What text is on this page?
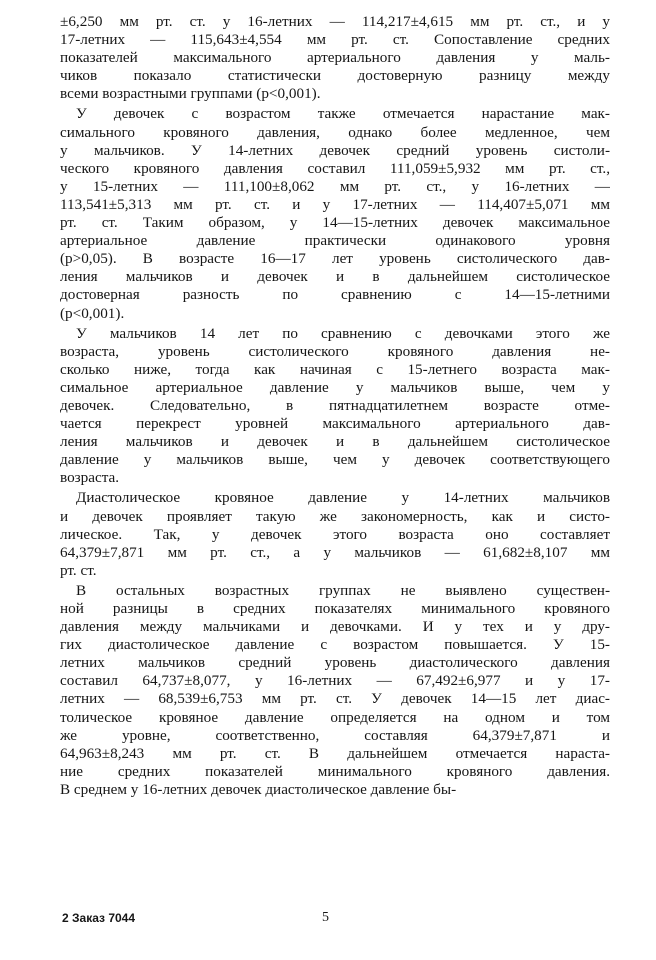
±6,250 мм рт. ст. у 16-летних — 114,217±4,615 мм рт. ст., и у
17-летних — 115,643±4,554 мм рт. ст. Сопоставление средних
показателей максимального артериального давления у маль-
чиков показало статистически достоверную разницу между
всеми возрастными группами (p<0,001).
У девочек с возрастом также отмечается нарастание мак-
симального кровяного давления, однако более медленное, чем
у мальчиков. У 14-летних девочек средний уровень систоли-
ческого кровяного давления составил 111,059±5,932 мм рт. ст.,
у 15-летних — 111,100±8,062 мм рт. ст., у 16-летних —
113,541±5,313 мм рт. ст. и у 17-летних — 114,407±5,071 мм
рт. ст. Таким образом, у 14—15-летних девочек максимальное
артериальное давление практически одинакового уровня
(p>0,05). В возрасте 16—17 лет уровень систолического дав-
ления мальчиков и девочек и в дальнейшем систолическое
достоверная разность по сравнению с 14—15-летними
(p<0,001).
У мальчиков 14 лет по сравнению с девочками этого же
возраста, уровень систолического кровяного давления не-
сколько ниже, тогда как начиная с 15-летнего возраста мак-
симальное артериальное давление у мальчиков выше, чем у
девочек. Следовательно, в пятнадцатилетнем возрасте отме-
чается перекрест уровней максимального артериального дав-
ления мальчиков и девочек и в дальнейшем систолическое
давление у мальчиков выше, чем у девочек соответствующего
возраста.
Диастолическое кровяное давление у 14-летних мальчиков
и девочек проявляет такую же закономерность, как и систо-
лическое. Так, у девочек этого возраста оно составляет
64,379±7,871 мм рт. ст., а у мальчиков — 61,682±8,107 мм
рт. ст.
В остальных возрастных группах не выявлено существен-
ной разницы в средних показателях минимального кровяного
давления между мальчиками и девочками. И у тех и у дру-
гих диастолическое давление с возрастом повышается. У 15-
летних мальчиков средний уровень диастолического давления
составил 64,737±8,077, у 16-летних — 67,492±6,977 и у 17-
летних — 68,539±6,753 мм рт. ст. У девочек 14—15 лет диас-
толическое кровяное давление определяется на одном и том
же уровне, соответственно, составляя 64,379±7,871 и
64,963±8,243 мм рт. ст. В дальнейшем отмечается нараста-
ние средних показателей минимального кровяного давления.
В среднем у 16-летних девочек диастолическое давление бы-
2 Заказ 7044	5
